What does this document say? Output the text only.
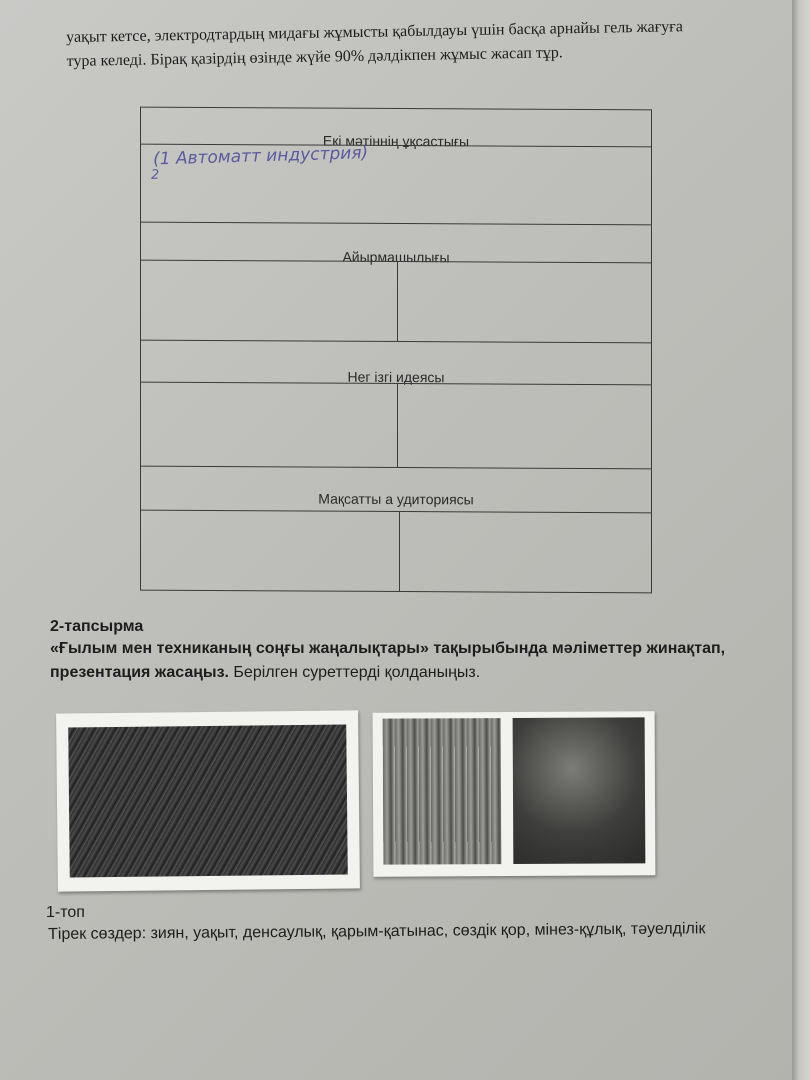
уақыт кетсе, электродтардың мидағы жұмысты қабылдауы үшін басқа арнайы гель жағуға
тура келеді. Бірақ қазірдің өзінде жүйе 90% дәлдікпен жұмыс жасап тұр.
Екі мәтіннің ұқсастығы
(1 Автоматт индустрия)
2
Айырмашылығы
Нег ізгі идеясы
Мақсатты а удиториясы
2-тапсырма
«Ғылым мен техниканың соңғы жаңалықтары» тақырыбында мәліметтер жинақтап, презентация жасаңыз. Берілген суреттерді қолданыңыз.
1-топ
Тірек сөздер: зиян, уақыт, денсаулық, қарым-қатынас, сөздік қор, мінез-құлық, тәуелділік
